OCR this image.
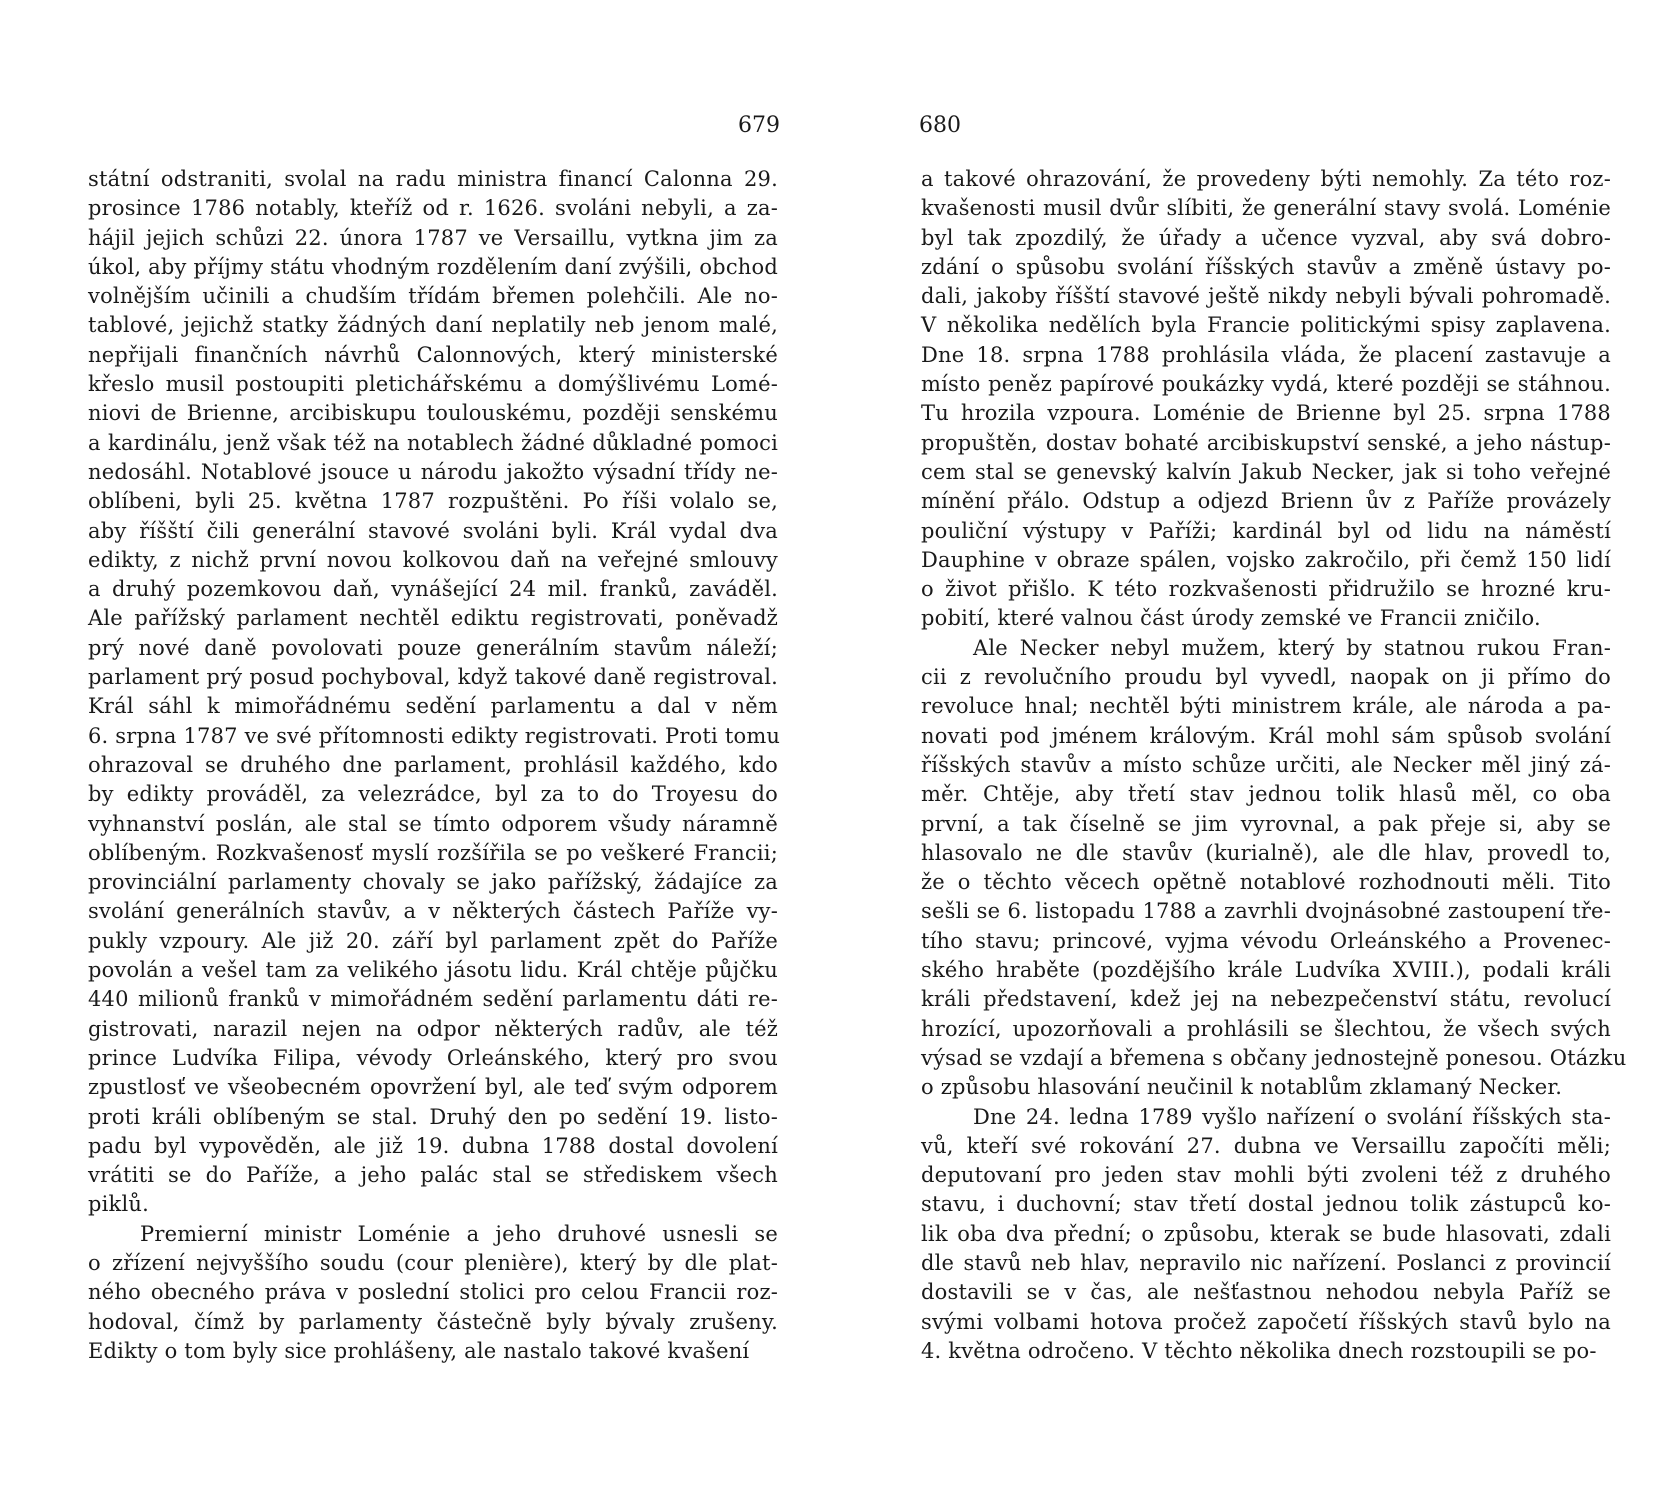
679
státní odstraniti, svolal na radu ministra financí Calonna 29.
prosince 1786 notably, kteříž od r. 1626. svoláni nebyli, a za-
hájil jejich schůzi 22. února 1787 ve Versaillu, vytkna jim za
úkol, aby příjmy státu vhodným rozdělením daní zvýšili, obchod
volnějším učinili a chudším třídám břemen polehčili. Ale no-
tablové, jejichž statky žádných daní neplatily neb jenom malé,
nepřijali finančních návrhů Calonnových, který ministerské
křeslo musil postoupiti pletichářskému a domýšlivému Lomé-
niovi de Brienne, arcibiskupu toulouskému, později senskému
a kardinálu, jenž však též na notablech žádné důkladné pomoci
nedosáhl. Notablové jsouce u národu jakožto výsadní třídy ne-
oblíbeni, byli 25. května 1787 rozpuštěni. Po říši volalo se,
aby říšští čili generální stavové svoláni byli. Král vydal dva
edikty, z nichž první novou kolkovou daň na veřejné smlouvy
a druhý pozemkovou daň, vynášející 24 mil. franků, zaváděl.
Ale pařížský parlament nechtěl ediktu registrovati, poněvadž
prý nové daně povolovati pouze generálním stavům náleží;
parlament prý posud pochyboval, když takové daně registroval.
Král sáhl k mimořádnému sedění parlamentu a dal v něm
6. srpna 1787 ve své přítomnosti edikty registrovati. Proti tomu
ohrazoval se druhého dne parlament, prohlásil každého, kdo
by edikty prováděl, za velezrádce, byl za to do Troyesu do
vyhnanství poslán, ale stal se tímto odporem všudy náramně
oblíbeným. Rozkvašenosť myslí rozšířila se po veškeré Francii;
provinciální parlamenty chovaly se jako pařížský, žádajíce za
svolání generálních stavův, a v některých částech Paříže vy-
pukly vzpoury. Ale již 20. září byl parlament zpět do Paříže
povolán a vešel tam za velikého jásotu lidu. Král chtěje půjčku
440 milionů franků v mimořádném sedění parlamentu dáti re-
gistrovati, narazil nejen na odpor některých radův, ale též
prince Ludvíka Filipa, vévody Orleánského, který pro svou
zpustlosť ve všeobecném opovržení byl, ale teď svým odporem
proti králi oblíbeným se stal. Druhý den po sedění 19. listo-
padu byl vypověděn, ale již 19. dubna 1788 dostal dovolení
vrátiti se do Paříže, a jeho palác stal se střediskem všech
piklů.
Premierní ministr Loménie a jeho druhové usnesli se
o zřízení nejvyššího soudu (cour plenière), který by dle plat-
ného obecného práva v poslední stolici pro celou Francii roz-
hodoval, čímž by parlamenty částečně byly bývaly zrušeny.
Edikty o tom byly sice prohlášeny, ale nastalo takové kvašení
680
a takové ohrazování, že provedeny býti nemohly. Za této roz-
kvašenosti musil dvůr slíbiti, že generální stavy svolá. Loménie
byl tak zpozdilý, že úřady a učence vyzval, aby svá dobro-
zdání o spůsobu svolání říšských stavův a změně ústavy po-
dali, jakoby říšští stavové ještě nikdy nebyli bývali pohromadě.
V několika nedělích byla Francie politickými spisy zaplavena.
Dne 18. srpna 1788 prohlásila vláda, že placení zastavuje a
místo peněz papírové poukázky vydá, které později se stáhnou.
Tu hrozila vzpoura. Loménie de Brienne byl 25. srpna 1788
propuštěn, dostav bohaté arcibiskupství senské, a jeho nástup-
cem stal se genevský kalvín Jakub Necker, jak si toho veřejné
mínění přálo. Odstup a odjezd Brienn ův z Paříže provázely
pouliční výstupy v Paříži; kardinál byl od lidu na náměstí
Dauphine v obraze spálen, vojsko zakročilo, při čemž 150 lidí
o život přišlo. K této rozkvašenosti přidružilo se hrozné kru-
pobití, které valnou část úrody zemské ve Francii zničilo.
Ale Necker nebyl mužem, který by statnou rukou Fran-
cii z revolučního proudu byl vyvedl, naopak on ji přímo do
revoluce hnal; nechtěl býti ministrem krále, ale národa a pa-
novati pod jménem královým. Král mohl sám spůsob svolání
říšských stavův a místo schůze určiti, ale Necker měl jiný zá-
měr. Chtěje, aby třetí stav jednou tolik hlasů měl, co oba
první, a tak číselně se jim vyrovnal, a pak přeje si, aby se
hlasovalo ne dle stavův (kurialně), ale dle hlav, provedl to,
že o těchto věcech opětně notablové rozhodnouti měli. Tito
sešli se 6. listopadu 1788 a zavrhli dvojnásobné zastoupení tře-
tího stavu; princové, vyjma vévodu Orleánského a Provenec-
ského hraběte (pozdějšího krále Ludvíka XVIII.), podali králi
králi představení, kdež jej na nebezpečenství státu, revolucí
hrozící, upozorňovali a prohlásili se šlechtou, že všech svých
výsad se vzdají a břemena s občany jednostejně ponesou. Otázku
o způsobu hlasování neučinil k notablům zklamaný Necker.
Dne 24. ledna 1789 vyšlo nařízení o svolání říšských sta-
vů, kteří své rokování 27. dubna ve Versaillu započíti měli;
deputovaní pro jeden stav mohli býti zvoleni též z druhého
stavu, i duchovní; stav třetí dostal jednou tolik zástupců ko-
lik oba dva přední; o způsobu, kterak se bude hlasovati, zdali
dle stavů neb hlav, nepravilo nic nařízení. Poslanci z provincií
dostavili se v čas, ale nešťastnou nehodou nebyla Paříž se
svými volbami hotova pročež započetí říšských stavů bylo na
4. května odročeno. V těchto několika dnech rozstoupili se po-
